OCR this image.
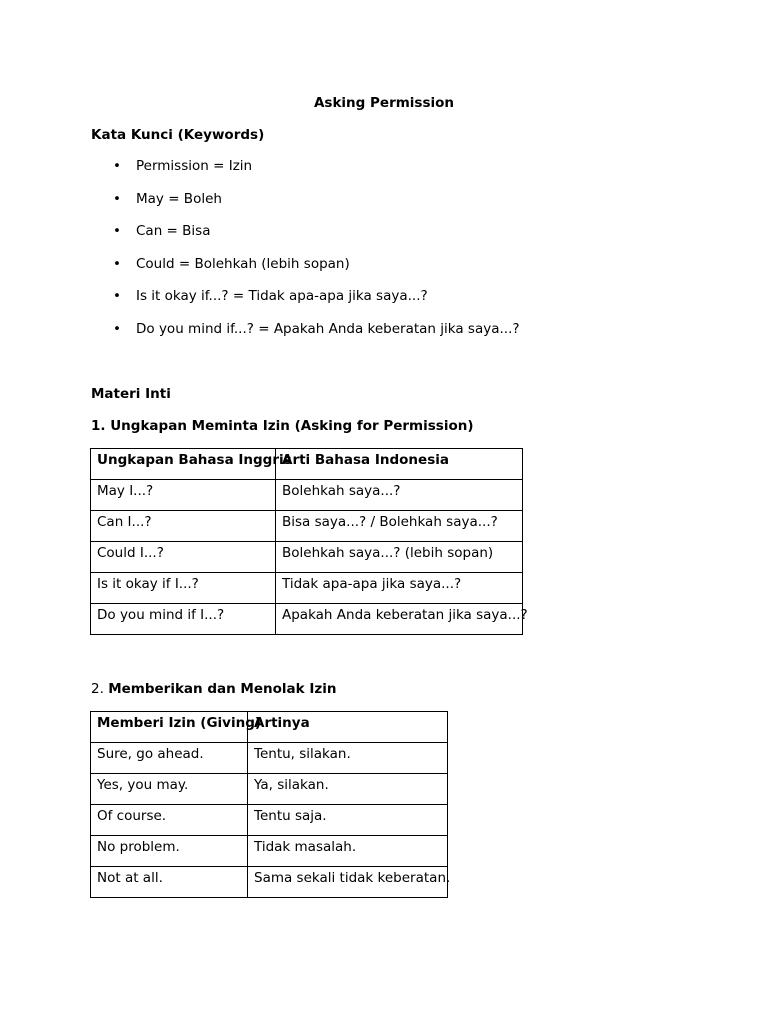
Asking Permission
Kata Kunci (Keywords)
• Permission = Izin
• May = Boleh
• Can = Bisa
• Could = Bolehkah (lebih sopan)
• Is it okay if...? = Tidak apa-apa jika saya...?
• Do you mind if...? = Apakah Anda keberatan jika saya...?
Materi Inti
1. Ungkapan Meminta Izin (Asking for Permission)
Ungkapan Bahasa Inggris	Arti Bahasa Indonesia
May I...?	Bolehkah saya...?
Can I...?	Bisa saya...? / Bolehkah saya...?
Could I...?	Bolehkah saya...? (lebih sopan)
Is it okay if I...?	Tidak apa-apa jika saya...?
Do you mind if I...?	Apakah Anda keberatan jika saya...?
2. Memberikan dan Menolak Izin
Memberi Izin (Giving)	Artinya
Sure, go ahead.	Tentu, silakan.
Yes, you may.	Ya, silakan.
Of course.	Tentu saja.
No problem.	Tidak masalah.
Not at all.	Sama sekali tidak keberatan.
